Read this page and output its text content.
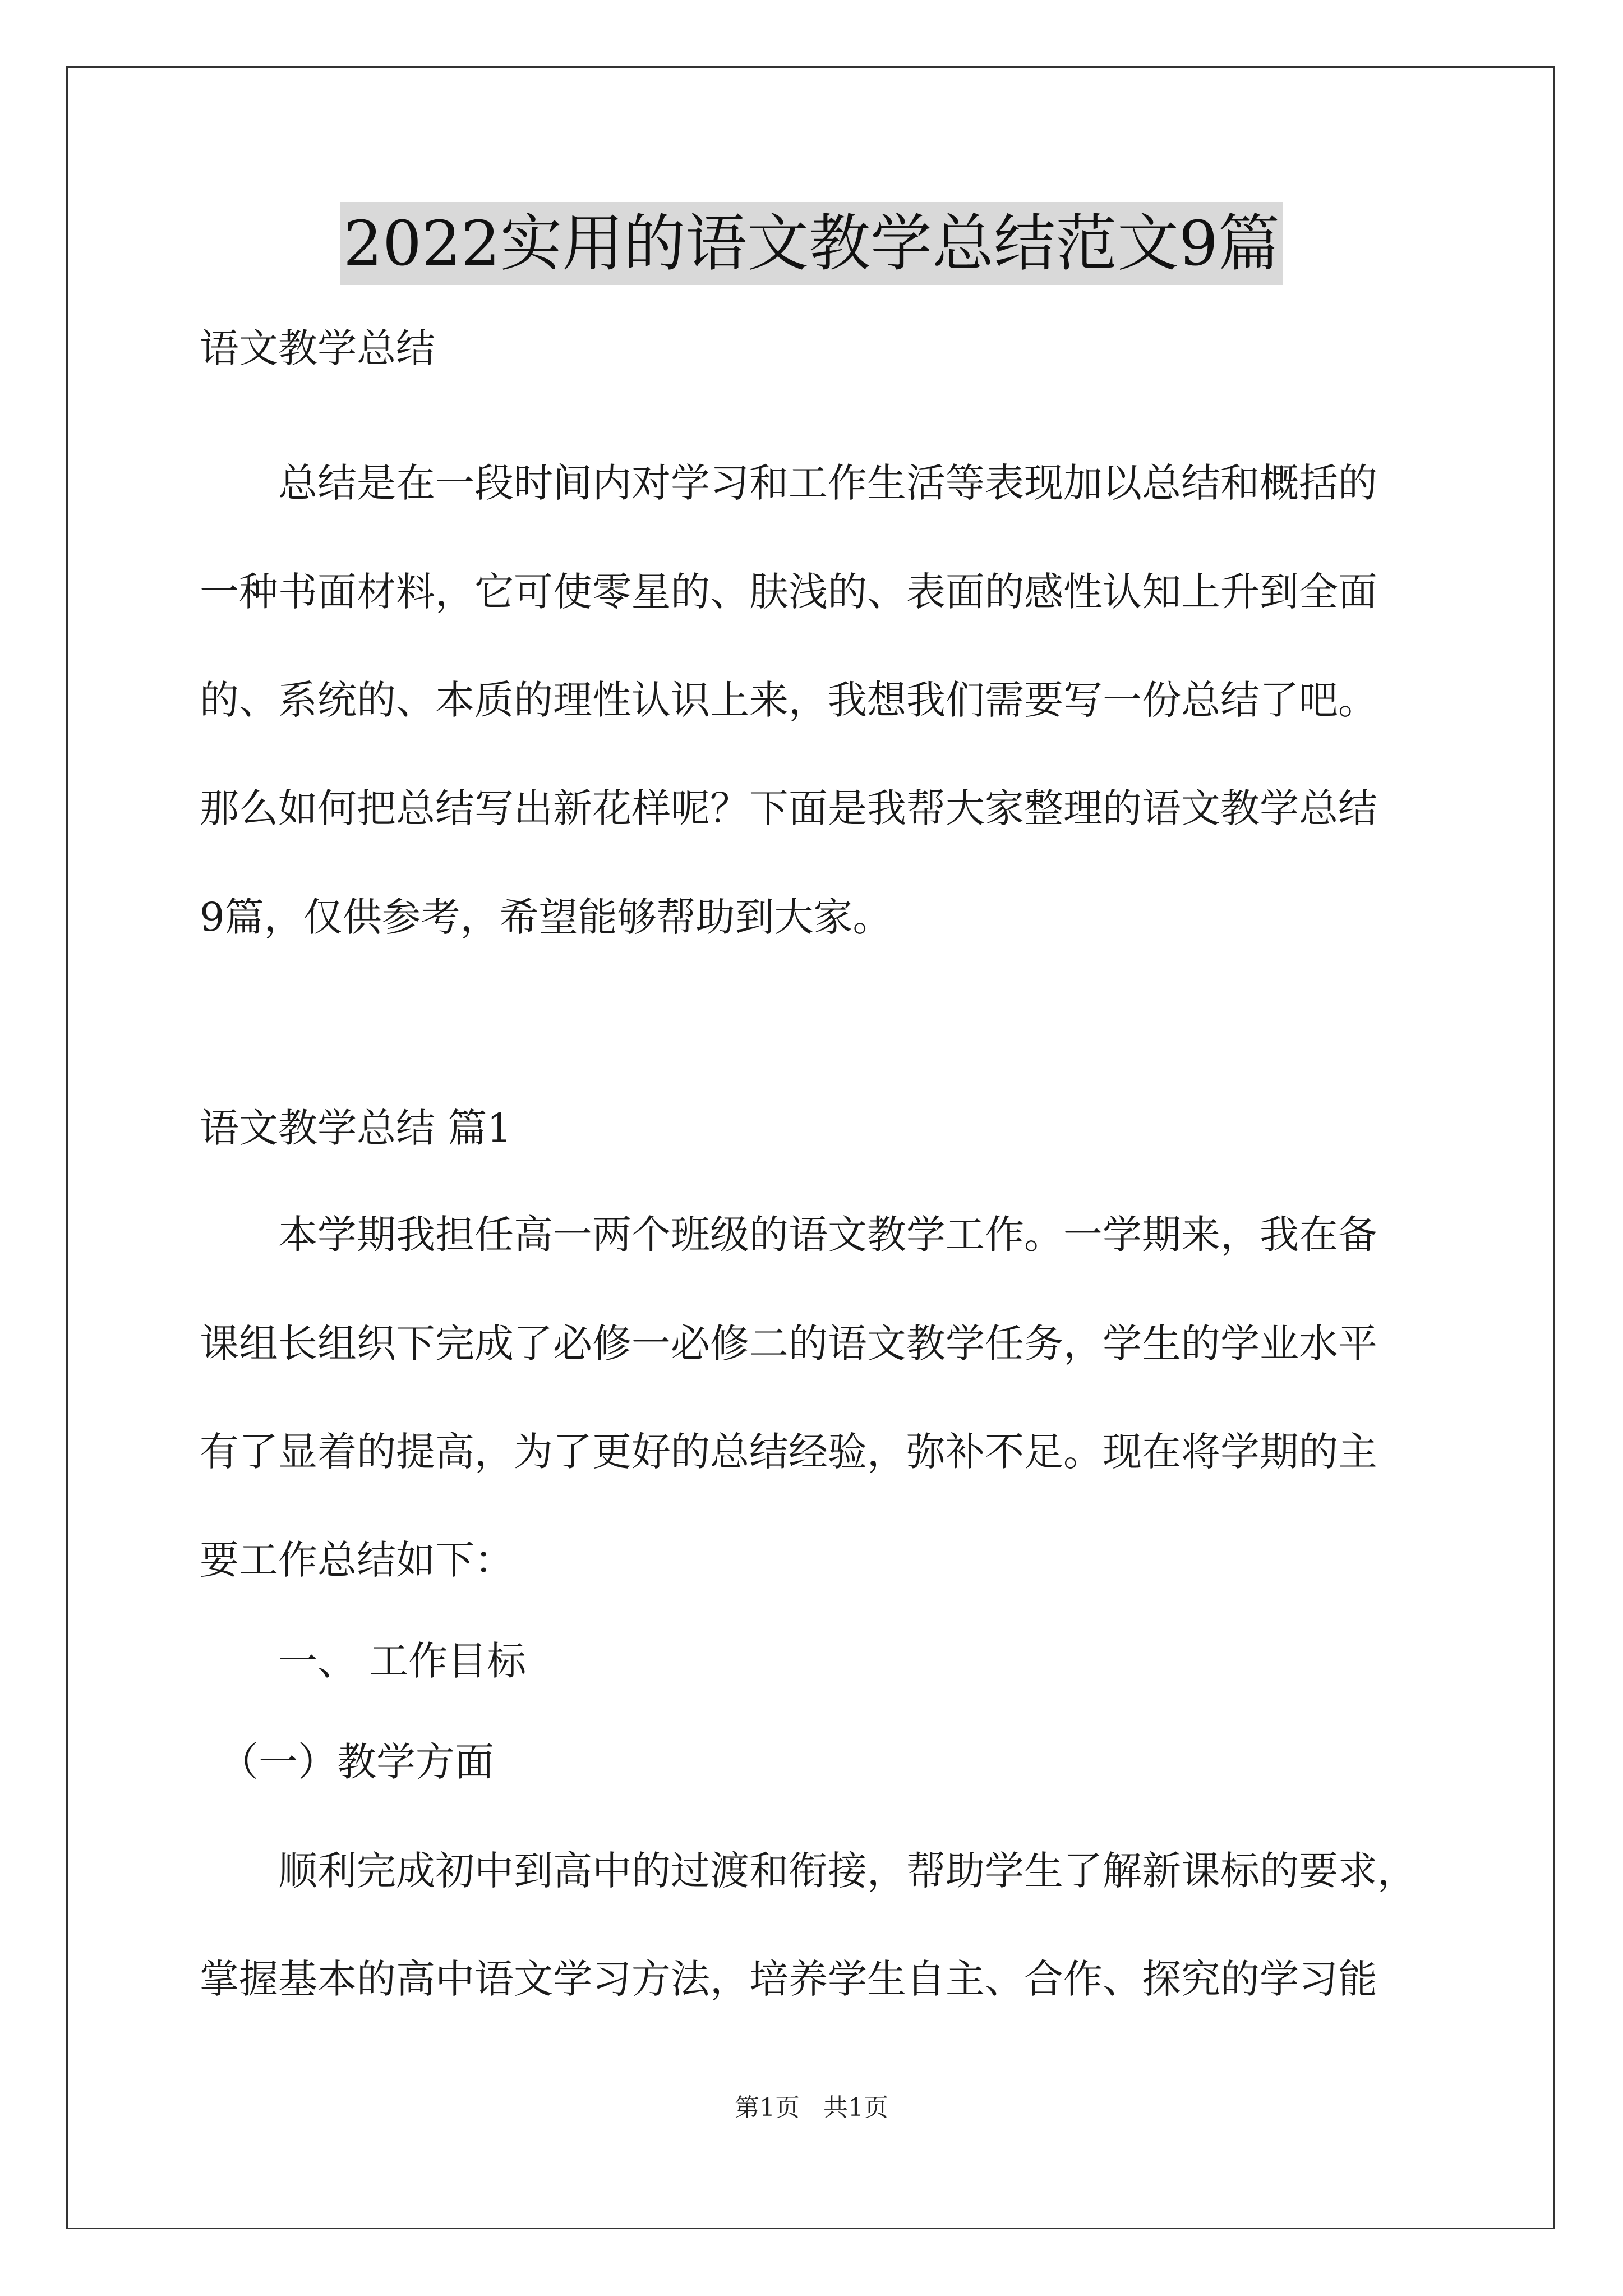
2022实用的语文教学总结范文9篇

语文教学总结

　　总结是在一段时间内对学习和工作生活等表现加以总结和概括的

一种书面材料，它可使零星的、肤浅的、表面的感性认知上升到全面

的、系统的、本质的理性认识上来，我想我们需要写一份总结了吧。

那么如何把总结写出新花样呢？下面是我帮大家整理的语文教学总结

9篇，仅供参考，希望能够帮助到大家。

语文教学总结 篇1

　　本学期我担任高一两个班级的语文教学工作。一学期来，我在备

课组长组织下完成了必修一必修二的语文教学任务，学生的学业水平

有了显着的提高，为了更好的总结经验，弥补不足。现在将学期的主

要工作总结如下：

　　一、 工作目标

　（一）教学方面

　　顺利完成初中到高中的过渡和衔接，帮助学生了解新课标的要求，

掌握基本的高中语文学习方法，培养学生自主、合作、探究的学习能

第1页   共1页
